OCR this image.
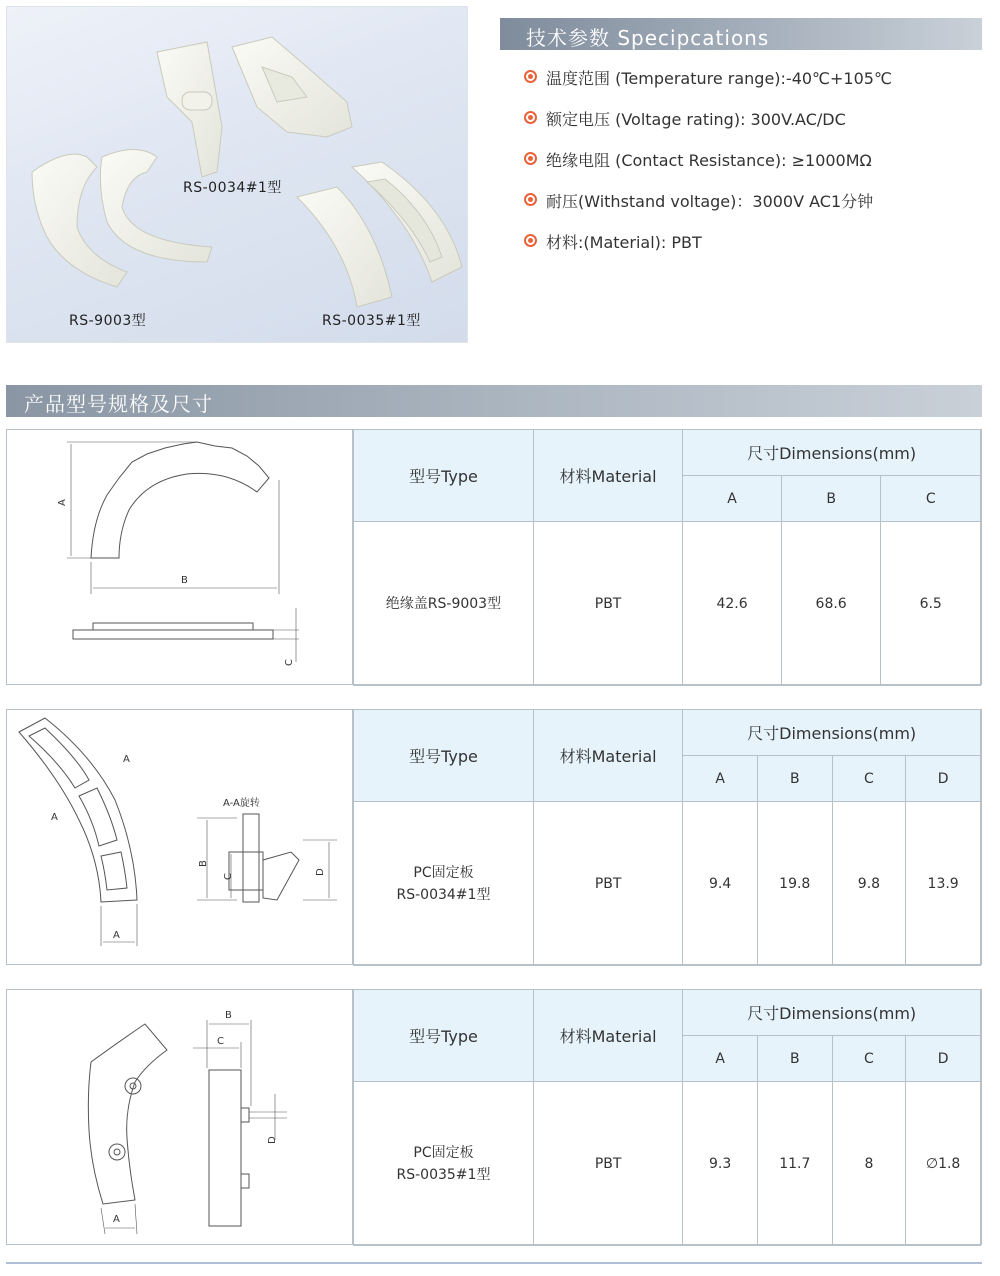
RS-0034#1型
RS-9003型	RS-0035#1型
技术参数 Specipcations
温度范围 (Temperature range):-40℃+105℃
额定电压 (Voltage rating): 300V.AC/DC
绝缘电阻 (Contact Resistance): ≥1000MΩ
耐压(Withstand voltage)：3000V AC1分钟
材料:(Material): PBT
产品型号规格及尺寸
A
B
C
型号Type	材料Material	尺寸Dimensions(mm)		
		A	B	C

绝缘盖RS-9003型	PBT	42.6	68.6	6.5
A
A
A-A旋转
B
C
D
A
型号Type	材料Material	尺寸Dimensions(mm)			
		A	B	C	D

PC固定板
RS-0034#1型	PBT	9.4	19.8	9.8	13.9
B
C
D
A
型号Type	材料Material	尺寸Dimensions(mm)			
		A	B	C	D

PC固定板
RS-0035#1型	PBT	9.3	11.7	8	∅1.8
